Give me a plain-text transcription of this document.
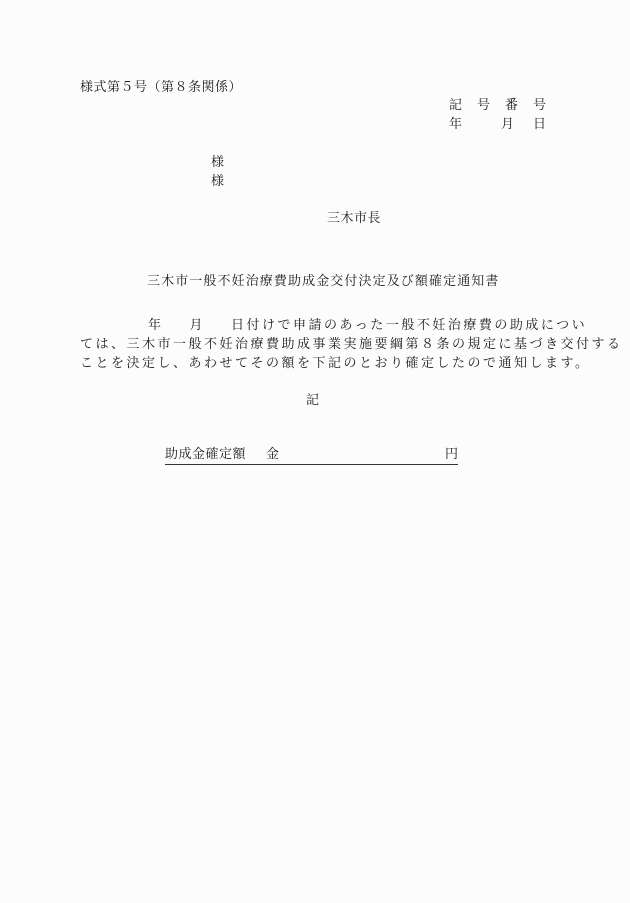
様式第５号（第８条関係）
記 号 番 号
年	月 日
様
様
三木市長
三木市一般不妊治療費助成金交付決定及び額確定通知書
年 月 日付けで申請のあった一般不妊治療費の助成につい
ては、三木市一般不妊治療費助成事業実施要綱第８条の規定に基づき交付する
ことを決定し、あわせてその額を下記のとおり確定したので通知します。
記
助成金確定額 金	円
